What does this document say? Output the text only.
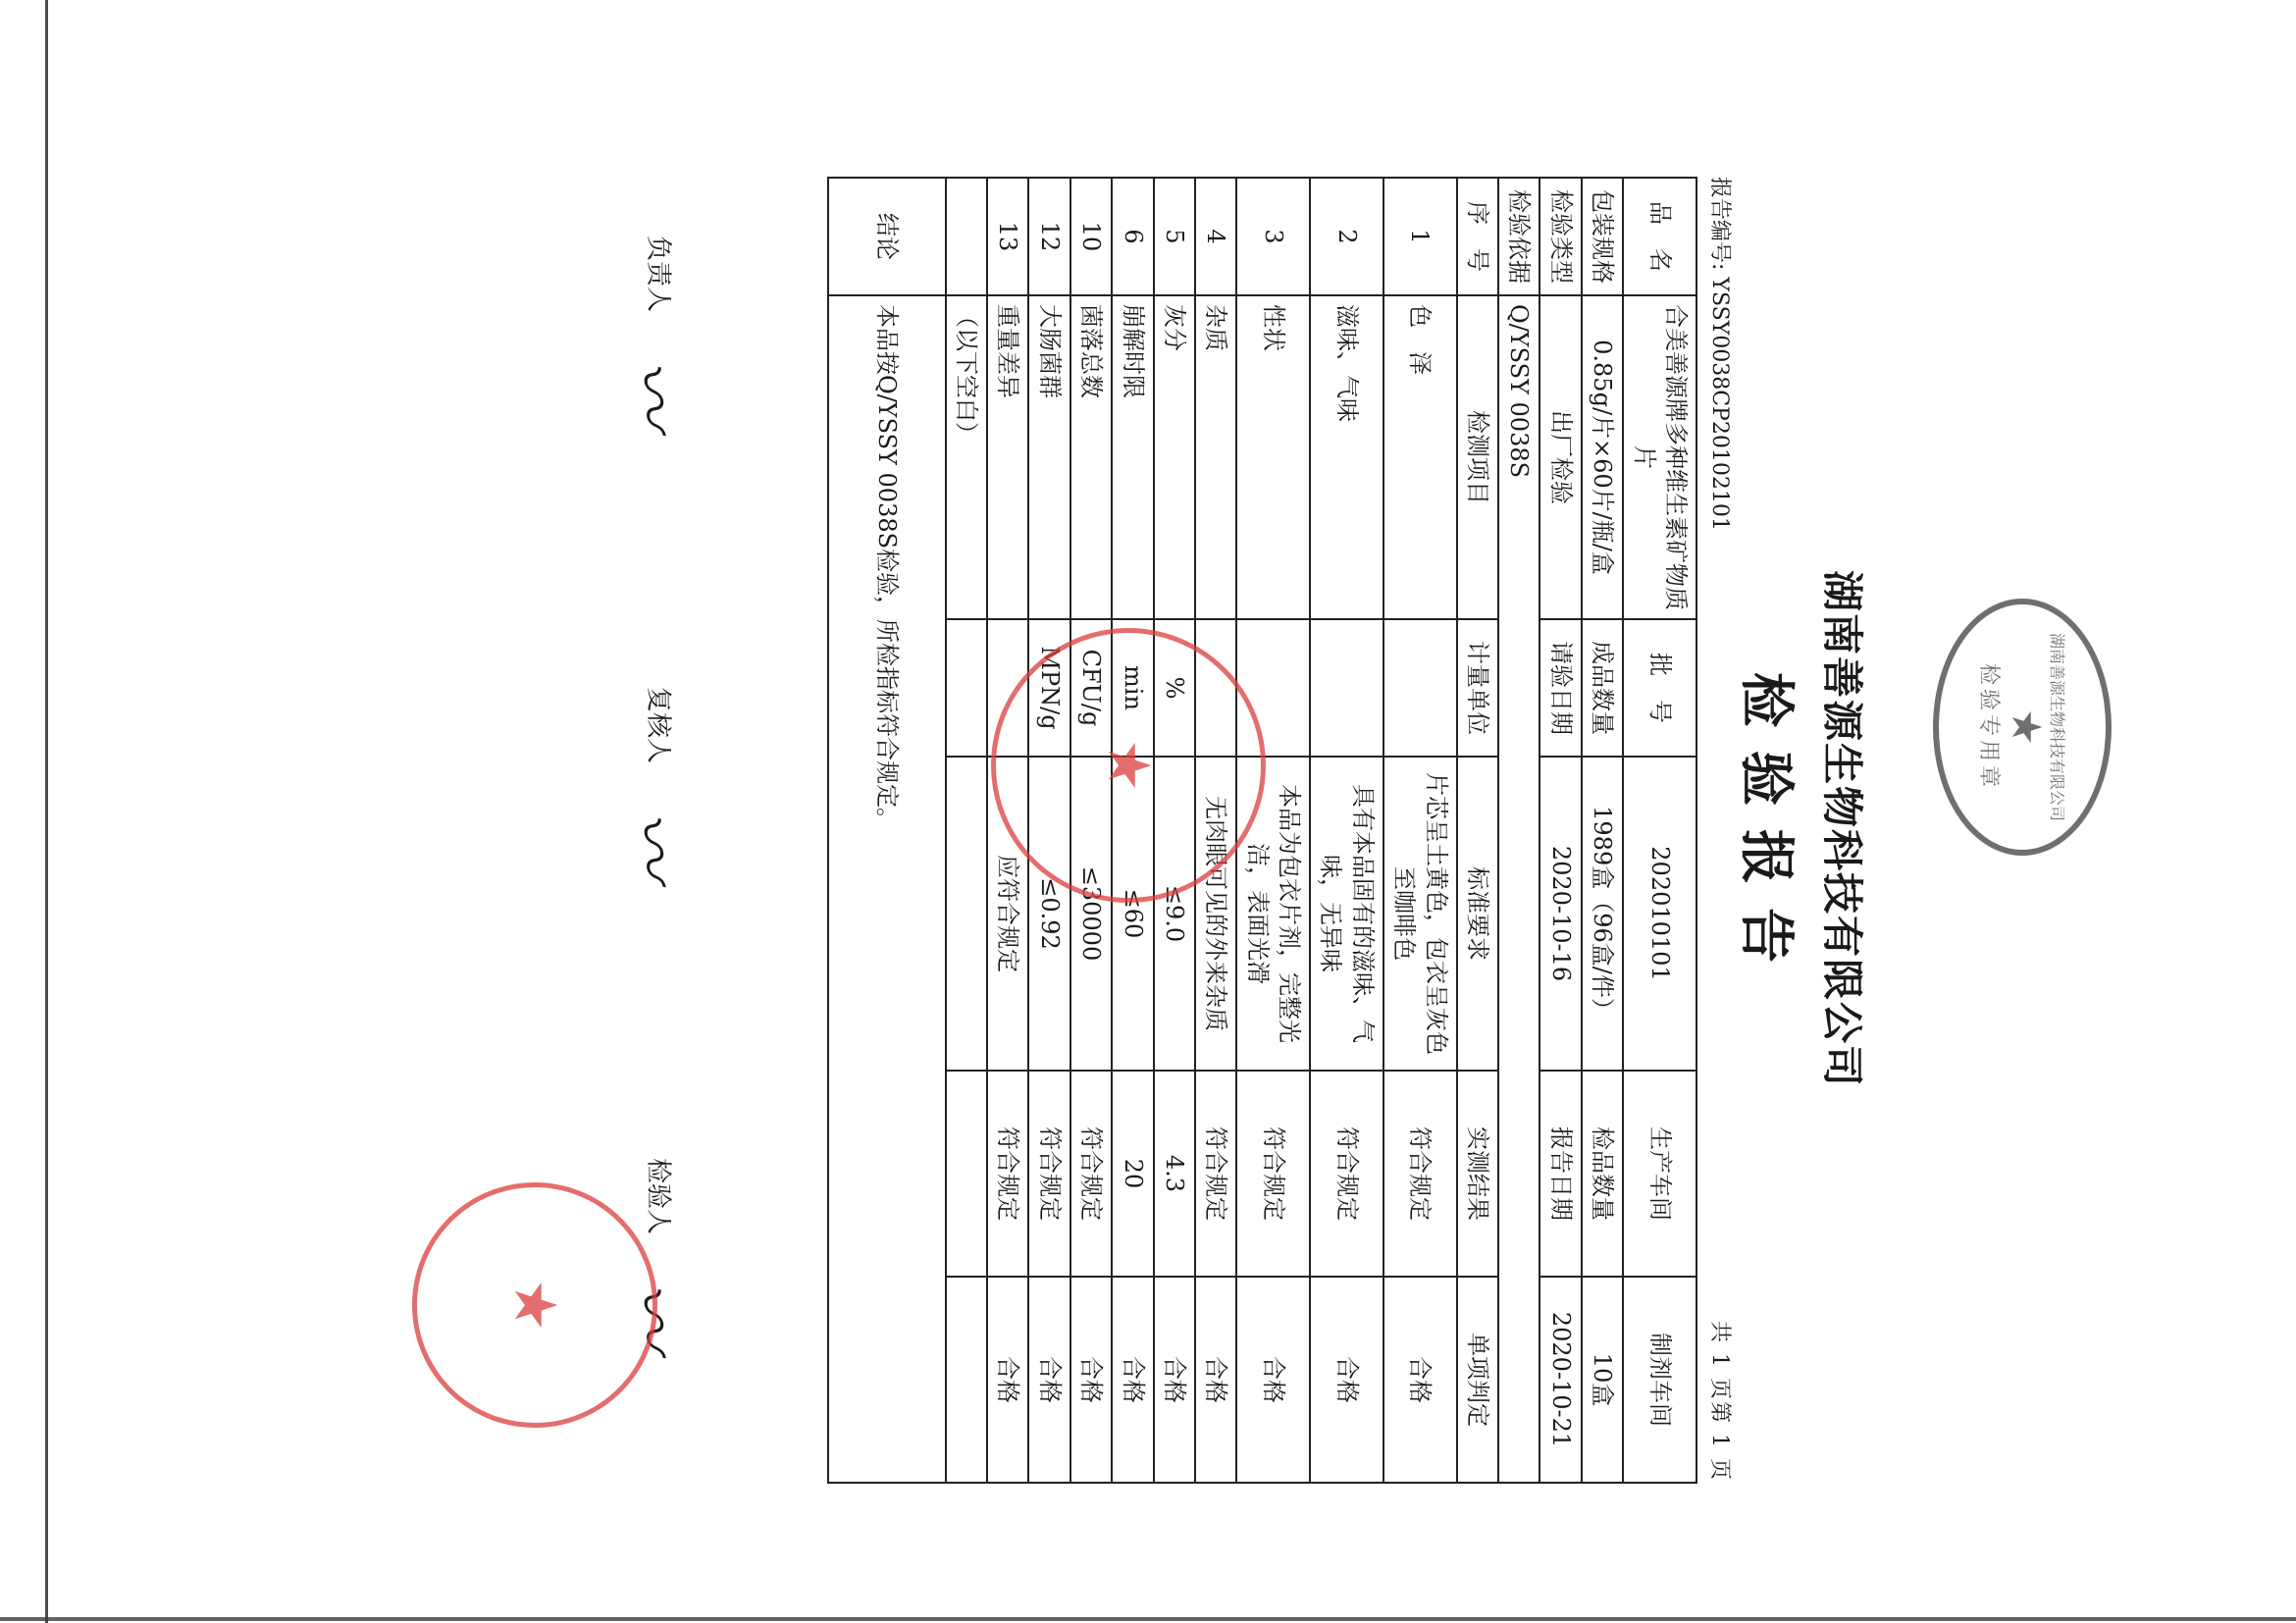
湖南善源生物科技有限公司
检验报告
报告编号: YSSY0038CP20102101
共 1 页第 1 页
品　名	合美善源牌多种维生素矿物质片	批　号	202010101	生产车间	制剂车间
包装规格	0.85g/片×60片/瓶/盒	成品数量	1989盒（96盒/件）	检品数量	10盒
检验类型	出厂检验	请验日期	2020-10-16	报告日期	2020-10-21
检验依据	Q/YSSY 0038S				
序　号	检测项目	计量单位	标准要求	实测结果	单项判定
1	色　泽		片芯呈土黄色，包衣呈灰色至咖啡色	符合规定	合格
2	滋味、气味		具有本品固有的滋味、气味，无异味	符合规定	合格
3	性状		本品为包衣片剂，完整光洁，表面光滑	符合规定	合格
4	杂质		无肉眼可见的外来杂质	符合规定	合格
5	灰分	%	≤9.0	4.3	合格
6	崩解时限	min	≤60	20	合格
10	菌落总数	CFU/g	≤30000	符合规定	合格
12	大肠菌群	MPN/g	≤0.92	符合规定	合格
13	重量差异		应符合规定	符合规定	合格
	（以下空白）				
结论	本品按Q/YSSY 0038S检验，所检指标符合规定。				
负责人 〰
复核人 〰
检验人 〰
湖南善源生物科技有限公司
★
检验专用章
★
★
